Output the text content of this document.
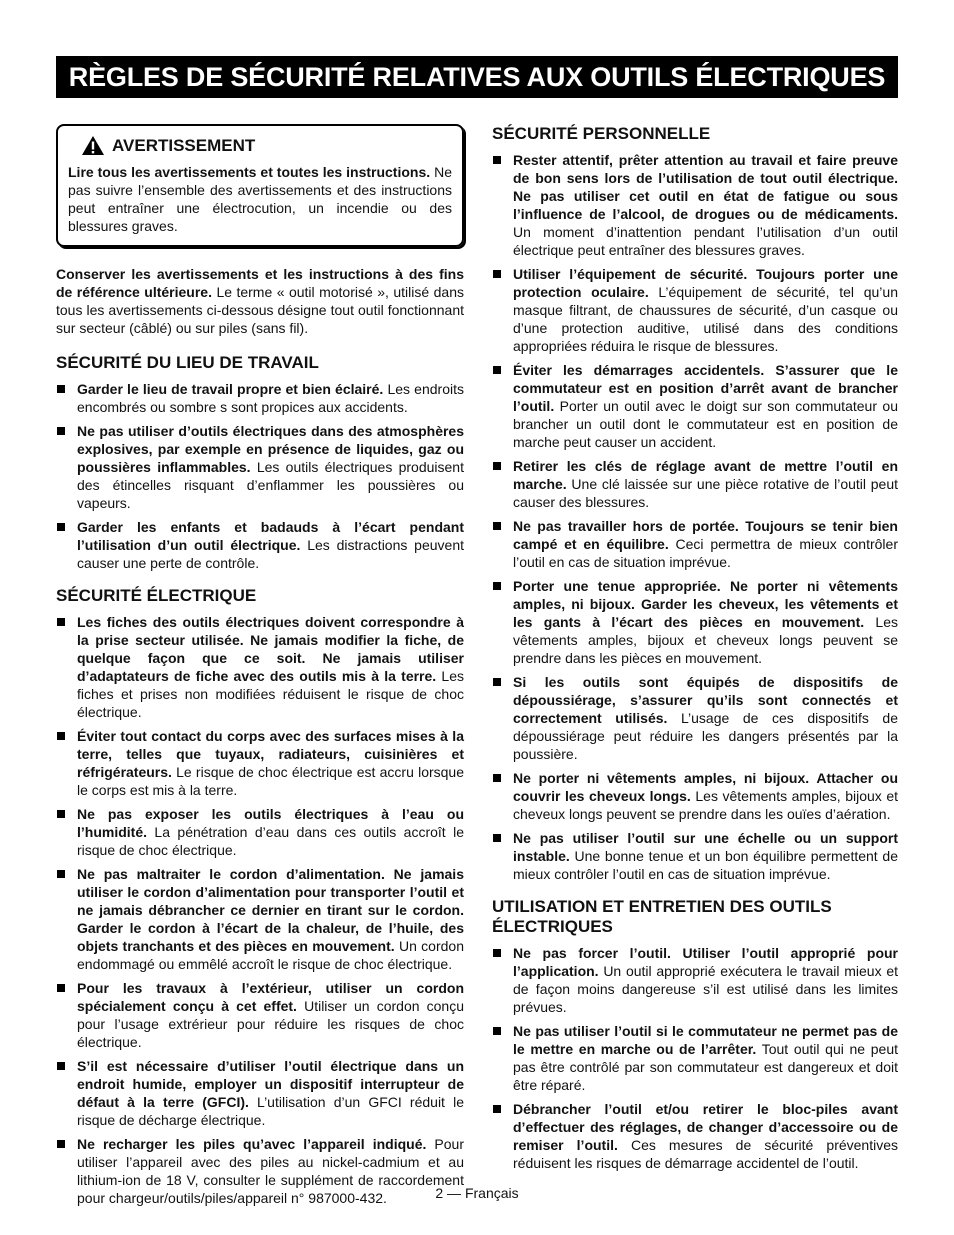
RÈGLES DE SÉCURITÉ RELATIVES AUX OUTILS ÉLECTRIQUES
AVERTISSEMENT

Lire tous les avertissements et toutes les instructions. Ne pas suivre l’ensemble des avertissements et des instructions peut entraîner une électrocution, un incendie ou des blessures graves.

Conserver les avertissements et les instructions à des fins de référence ultérieure. Le terme « outil motorisé », utilisé dans tous les avertissements ci-dessous désigne tout outil fonctionnant sur secteur (câblé) ou sur piles (sans fil).

SÉCURITÉ DU LIEU DE TRAVAIL
Garder le lieu de travail propre et bien éclairé. Les endroits encombrés ou sombre s sont propices aux accidents.
Ne pas utiliser d’outils électriques dans des atmosphères explosives, par exemple en présence de liquides, gaz ou poussières inflammables. Les outils électriques produisent des étincelles risquant d’enflammer les poussières ou vapeurs.
Garder les enfants et badauds à l’écart pendant l’utilisation d’un outil électrique. Les distractions peuvent causer une perte de contrôle.
SÉCURITÉ ÉLECTRIQUE
Les fiches des outils électriques doivent correspondre à la prise secteur utilisée. Ne jamais modifier la fiche, de quelque façon que ce soit. Ne jamais utiliser d’adaptateurs de fiche avec des outils mis à la terre. Les fiches et prises non modifiées réduisent le risque de choc électrique.
Éviter tout contact du corps avec des surfaces mises à la terre, telles que tuyaux, radiateurs, cuisinières et réfrigérateurs. Le risque de choc électrique est accru lorsque le corps est mis à la terre.
Ne pas exposer les outils électriques à l’eau ou l’humidité. La pénétration d’eau dans ces outils accroît le risque de choc électrique.
Ne pas maltraiter le cordon d’alimentation. Ne jamais utiliser le cordon d’alimentation pour transporter l’outil et ne jamais débrancher ce dernier en tirant sur le cordon. Garder le cordon à l’écart de la chaleur, de l’huile, des objets tranchants et des pièces en mouvement. Un cordon endommagé ou emmêlé accroît le risque de choc électrique.
Pour les travaux à l’extérieur, utiliser un cordon spécialement conçu à cet effet. Utiliser un cordon conçu pour l’usage extrérieur pour réduire les risques de choc électrique.
S’il est nécessaire d’utiliser l’outil électrique dans un endroit humide, employer un dispositif interrupteur de défaut à la terre (GFCI). L’utilisation d’un GFCI réduit le risque de décharge électrique.
Ne recharger les piles qu’avec l’appareil indiqué. Pour utiliser l’appareil avec des piles au nickel-cadmium et au lithium-ion de 18 V, consulter le supplément de raccordement pour chargeur/outils/piles/appareil n° 987000-432.
SÉCURITÉ PERSONNELLE
Rester attentif, prêter attention au travail et faire preuve de bon sens lors de l’utilisation de tout outil électrique. Ne pas utiliser cet outil en état de fatigue ou sous l’influence de l’alcool, de drogues ou de médicaments. Un moment d’inattention pendant l’utilisation d’un outil électrique peut entraîner des blessures graves.
Utiliser l’équipement de sécurité. Toujours porter une protection oculaire. L’équipement de sécurité, tel qu’un masque filtrant, de chaussures de sécurité, d’un casque ou d’une protection auditive, utilisé dans des conditions appropriées réduira le risque de blessures.
Éviter les démarrages accidentels. S’assurer que le commutateur est en position d’arrêt avant de brancher l’outil. Porter un outil avec le doigt sur son commutateur ou brancher un outil dont le commutateur est en position de marche peut causer un accident.
Retirer les clés de réglage avant de mettre l’outil en marche. Une clé laissée sur une pièce rotative de l’outil peut causer des blessures.
Ne pas travailler hors de portée. Toujours se tenir bien campé et en équilibre. Ceci permettra de mieux contrôler l’outil en cas de situation imprévue.
Porter une tenue appropriée. Ne porter ni vêtements amples, ni bijoux. Garder les cheveux, les vêtements et les gants à l’écart des pièces en mouvement. Les vêtements amples, bijoux et cheveux longs peuvent se prendre dans les pièces en mouvement.
Si les outils sont équipés de dispositifs de dépoussiérage, s’assurer qu’ils sont connectés et correctement utilisés. L’usage de ces dispositifs de dépoussiérage peut réduire les dangers présentés par la poussière.
Ne porter ni vêtements amples, ni bijoux. Attacher ou couvrir les cheveux longs. Les vêtements amples, bijoux et cheveux longs peuvent se prendre dans les ouïes d’aération.
Ne pas utiliser l’outil sur une échelle ou un support instable. Une bonne tenue et un bon équilibre permettent de mieux contrôler l’outil en cas de situation imprévue.
UTILISATION ET ENTRETIEN DES OUTILS ÉLECTRIQUES
Ne pas forcer l’outil. Utiliser l’outil approprié pour l’application. Un outil approprié exécutera le travail mieux et de façon moins dangereuse s’il est utilisé dans les limites prévues.
Ne pas utiliser l’outil si le commutateur ne permet pas de le mettre en marche ou de l’arrêter. Tout outil qui ne peut pas être contrôlé par son commutateur est dangereux et doit être réparé.
Débrancher l’outil et/ou retirer le bloc-piles avant d’effectuer des réglages, de changer d’accessoire ou de remiser l’outil. Ces mesures de sécurité préventives réduisent les risques de démarrage accidentel de l’outil.
2 — Français
